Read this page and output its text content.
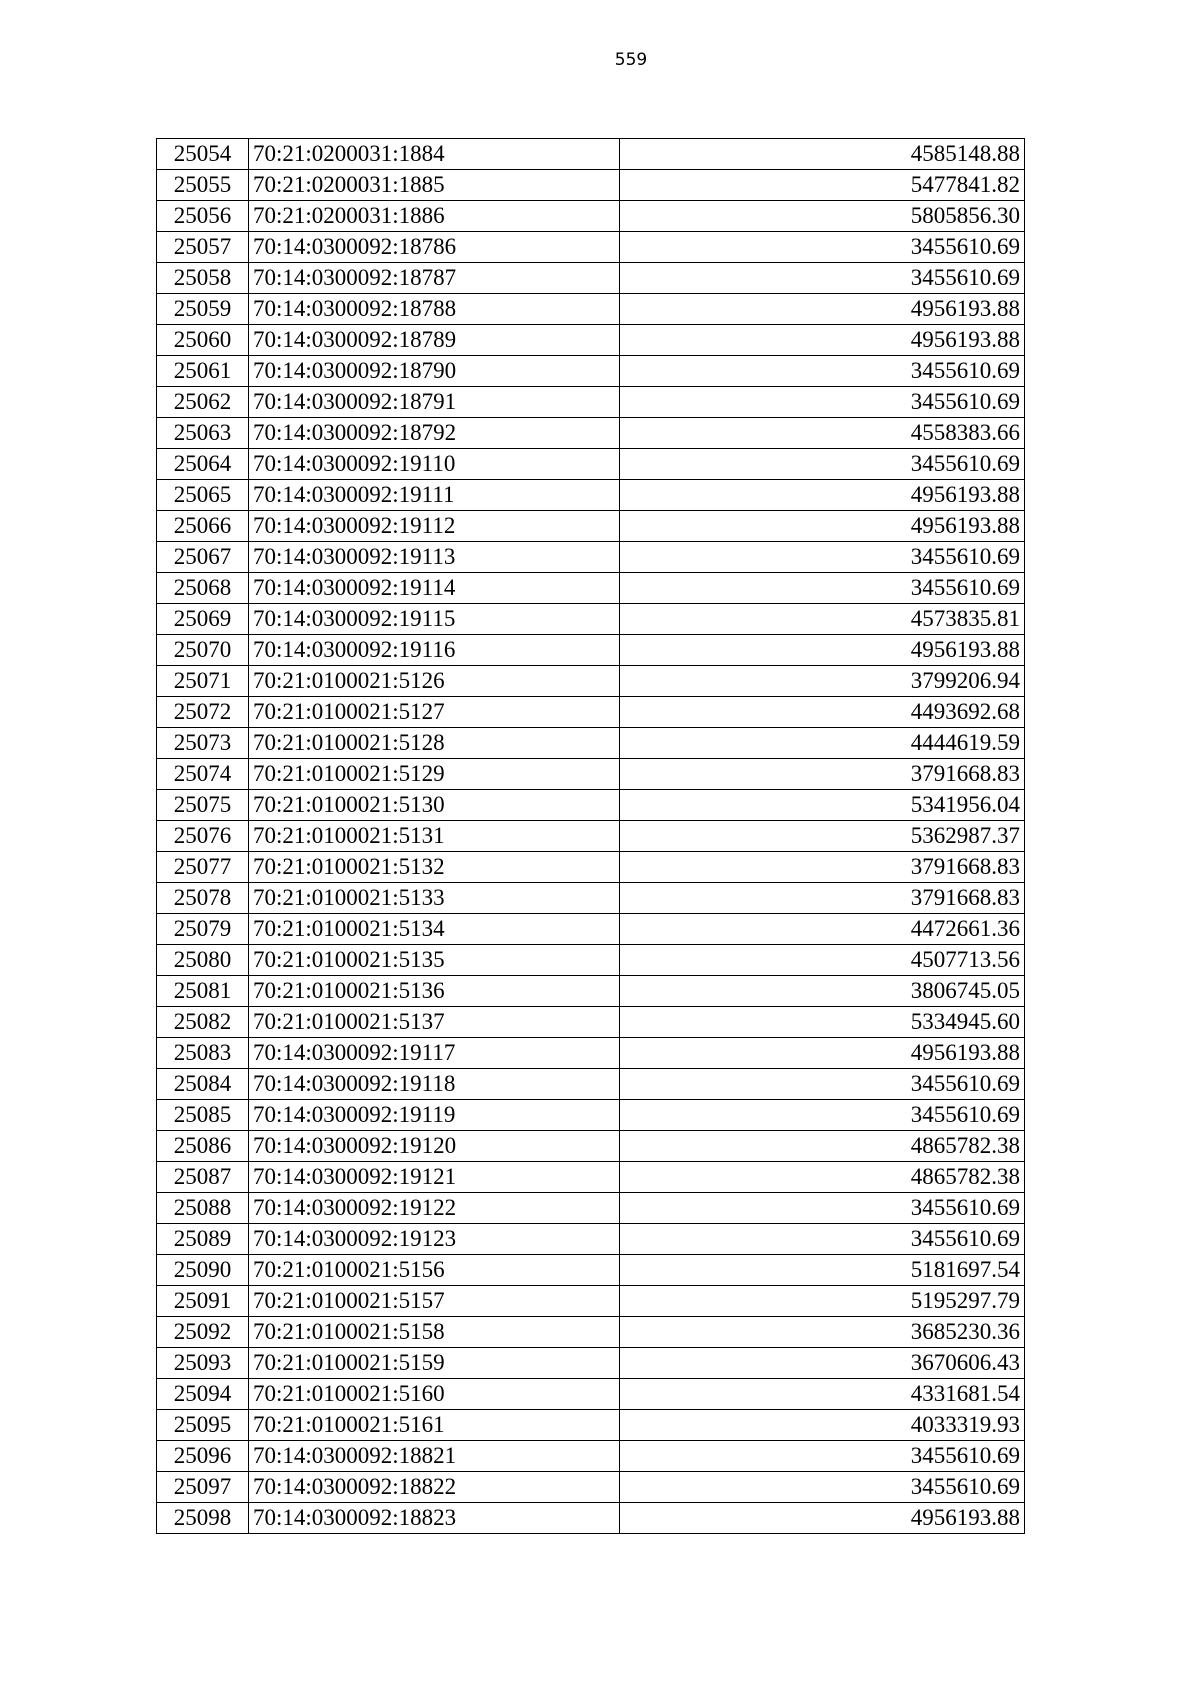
559
25054	70:21:0200031:1884	4585148.88
25055	70:21:0200031:1885	5477841.82
25056	70:21:0200031:1886	5805856.30
25057	70:14:0300092:18786	3455610.69
25058	70:14:0300092:18787	3455610.69
25059	70:14:0300092:18788	4956193.88
25060	70:14:0300092:18789	4956193.88
25061	70:14:0300092:18790	3455610.69
25062	70:14:0300092:18791	3455610.69
25063	70:14:0300092:18792	4558383.66
25064	70:14:0300092:19110	3455610.69
25065	70:14:0300092:19111	4956193.88
25066	70:14:0300092:19112	4956193.88
25067	70:14:0300092:19113	3455610.69
25068	70:14:0300092:19114	3455610.69
25069	70:14:0300092:19115	4573835.81
25070	70:14:0300092:19116	4956193.88
25071	70:21:0100021:5126	3799206.94
25072	70:21:0100021:5127	4493692.68
25073	70:21:0100021:5128	4444619.59
25074	70:21:0100021:5129	3791668.83
25075	70:21:0100021:5130	5341956.04
25076	70:21:0100021:5131	5362987.37
25077	70:21:0100021:5132	3791668.83
25078	70:21:0100021:5133	3791668.83
25079	70:21:0100021:5134	4472661.36
25080	70:21:0100021:5135	4507713.56
25081	70:21:0100021:5136	3806745.05
25082	70:21:0100021:5137	5334945.60
25083	70:14:0300092:19117	4956193.88
25084	70:14:0300092:19118	3455610.69
25085	70:14:0300092:19119	3455610.69
25086	70:14:0300092:19120	4865782.38
25087	70:14:0300092:19121	4865782.38
25088	70:14:0300092:19122	3455610.69
25089	70:14:0300092:19123	3455610.69
25090	70:21:0100021:5156	5181697.54
25091	70:21:0100021:5157	5195297.79
25092	70:21:0100021:5158	3685230.36
25093	70:21:0100021:5159	3670606.43
25094	70:21:0100021:5160	4331681.54
25095	70:21:0100021:5161	4033319.93
25096	70:14:0300092:18821	3455610.69
25097	70:14:0300092:18822	3455610.69
25098	70:14:0300092:18823	4956193.88
